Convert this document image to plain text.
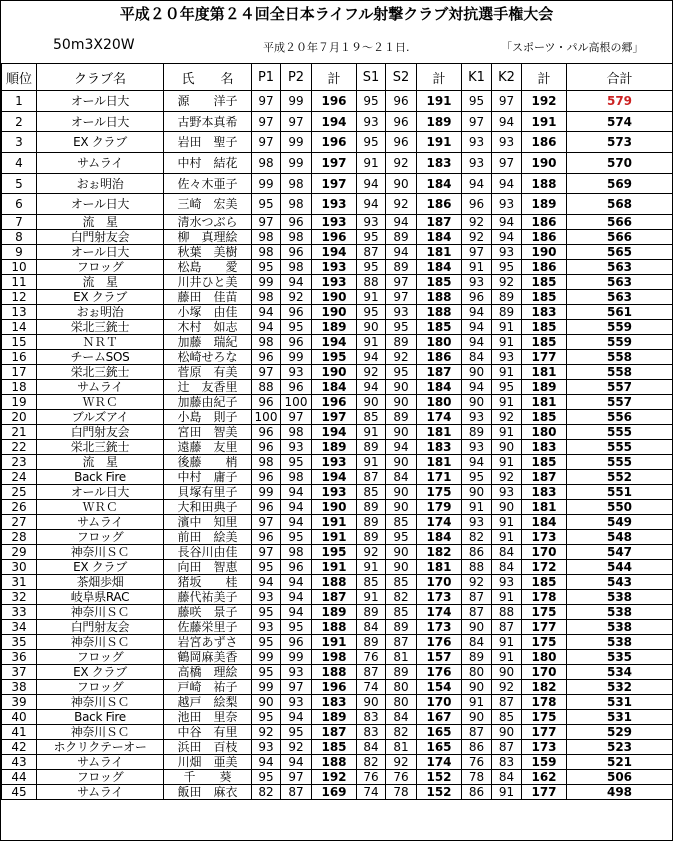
平成２０年度第２４回全日本ライフル射撃クラブ対抗選手権大会
50m3X20W	平成２０年７月１９～２１日.	「スポーツ・パル高根の郷」
順位	クラブ名	氏　　名	P1	P2	計	S1	S2	計	K1	K2	計	合計
1	オール日大	源　　洋子	97	99	196	95	96	191	95	97	192	579
2	オール日大	古野本真希	97	97	194	93	96	189	97	94	191	574
3	EX クラブ	岩田　聖子	97	99	196	95	96	191	93	93	186	573
4	サムライ	中村　結花	98	99	197	91	92	183	93	97	190	570
5	おぉ明治	佐々木亜子	99	98	197	94	90	184	94	94	188	569
6	オール日大	三崎　宏美	95	98	193	94	92	186	96	93	189	568
7	流　星	清水つぶら	97	96	193	93	94	187	92	94	186	566
8	白門射友会	柳　真理絵	98	98	196	95	89	184	92	94	186	566
9	オール日大	秋葉　美樹	98	96	194	87	94	181	97	93	190	565
10	フロッグ	松島　　愛	95	98	193	95	89	184	91	95	186	563
11	流　星	川井ひと美	99	94	193	88	97	185	93	92	185	563
12	EX クラブ	藤田　佳苗	98	92	190	91	97	188	96	89	185	563
13	おぉ明治	小塚　由佳	94	96	190	95	93	188	94	89	183	561
14	栄北三銃士	木村　如志	94	95	189	90	95	185	94	91	185	559
15	ＮＲＴ	加藤　瑞紀	98	96	194	91	89	180	94	91	185	559
16	チームSOS	松崎せろな	96	99	195	94	92	186	84	93	177	558
17	栄北三銃士	菅原　有美	97	93	190	92	95	187	90	91	181	558
18	サムライ	辻　友香里	88	96	184	94	90	184	94	95	189	557
19	ＷＲＣ	加藤由紀子	96	100	196	90	90	180	90	91	181	557
20	ブルズアイ	小島　則子	100	97	197	85	89	174	93	92	185	556
21	白門射友会	宮田　智美	96	98	194	91	90	181	89	91	180	555
22	栄北三銃士	遠藤　友里	96	93	189	89	94	183	93	90	183	555
23	流　星	後藤　　梢	98	95	193	91	90	181	94	91	185	555
24	Back Fire	中村　庸子	96	98	194	87	84	171	95	92	187	552
25	オール日大	貝塚有里子	99	94	193	85	90	175	90	93	183	551
26	ＷＲＣ	大和田典子	96	94	190	89	90	179	91	90	181	550
27	サムライ	濱中　知里	97	94	191	89	85	174	93	91	184	549
28	フロッグ	前田　絵美	96	95	191	89	95	184	82	91	173	548
29	神奈川ＳＣ	長谷川由佳	97	98	195	92	90	182	86	84	170	547
30	EX クラブ	向田　智恵	95	96	191	91	90	181	88	84	172	544
31	茶畑歩畑	猪坂　　桂	94	94	188	85	85	170	92	93	185	543
32	岐阜県RAC	藤代祐美子	93	94	187	91	82	173	87	91	178	538
33	神奈川ＳＣ	藤咲　景子	95	94	189	89	85	174	87	88	175	538
34	白門射友会	佐藤栄里子	93	95	188	84	89	173	90	87	177	538
35	神奈川ＳＣ	岩宮あずさ	95	96	191	89	87	176	84	91	175	538
36	フロッグ	鶴岡麻美香	99	99	198	76	81	157	89	91	180	535
37	EX クラブ	高橋　理絵	95	93	188	87	89	176	80	90	170	534
38	フロッグ	戸崎　祐子	99	97	196	74	80	154	90	92	182	532
39	神奈川ＳＣ	越戸　絵梨	90	93	183	90	80	170	91	87	178	531
40	Back Fire	池田　里奈	95	94	189	83	84	167	90	85	175	531
41	神奈川ＳＣ	中谷　有里	92	95	187	83	82	165	87	90	177	529
42	ホクリクテーオー	浜田　百枝	93	92	185	84	81	165	86	87	173	523
43	サムライ	川畑　亜美	94	94	188	82	92	174	76	83	159	521
44	フロッグ	千　　葵	95	97	192	76	76	152	78	84	162	506
45	サムライ	飯田　麻衣	82	87	169	74	78	152	86	91	177	498
